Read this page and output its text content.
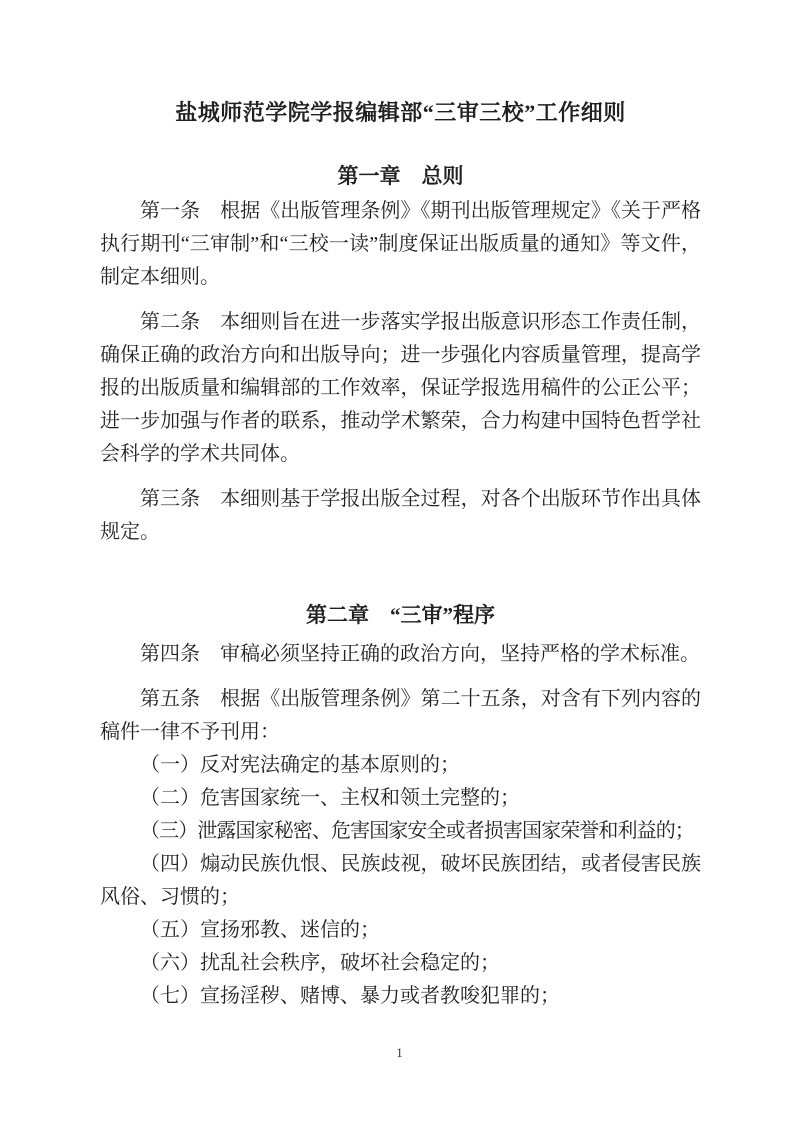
盐城师范学院学报编辑部“三审三校”工作细则
第一章　总则

第一条　根据《出版管理条例》《期刊出版管理规定》《关于严格执行期刊“三审制”和“三校一读”制度保证出版质量的通知》等文件，制定本细则。

第二条　本细则旨在进一步落实学报出版意识形态工作责任制，确保正确的政治方向和出版导向；进一步强化内容质量管理，提高学报的出版质量和编辑部的工作效率，保证学报选用稿件的公正公平；进一步加强与作者的联系，推动学术繁荣，合力构建中国特色哲学社会科学的学术共同体。

第三条　本细则基于学报出版全过程，对各个出版环节作出具体规定。

第二章　“三审”程序

第四条　审稿必须坚持正确的政治方向，坚持严格的学术标准。

第五条　根据《出版管理条例》第二十五条，对含有下列内容的稿件一律不予刊用：

（一）反对宪法确定的基本原则的；
（二）危害国家统一、主权和领土完整的；
（三）泄露国家秘密、危害国家安全或者损害国家荣誉和利益的；
（四）煽动民族仇恨、民族歧视，破坏民族团结，或者侵害民族风俗、习惯的；
（五）宣扬邪教、迷信的；
（六）扰乱社会秩序，破坏社会稳定的；
（七）宣扬淫秽、赌博、暴力或者教唆犯罪的；
1
